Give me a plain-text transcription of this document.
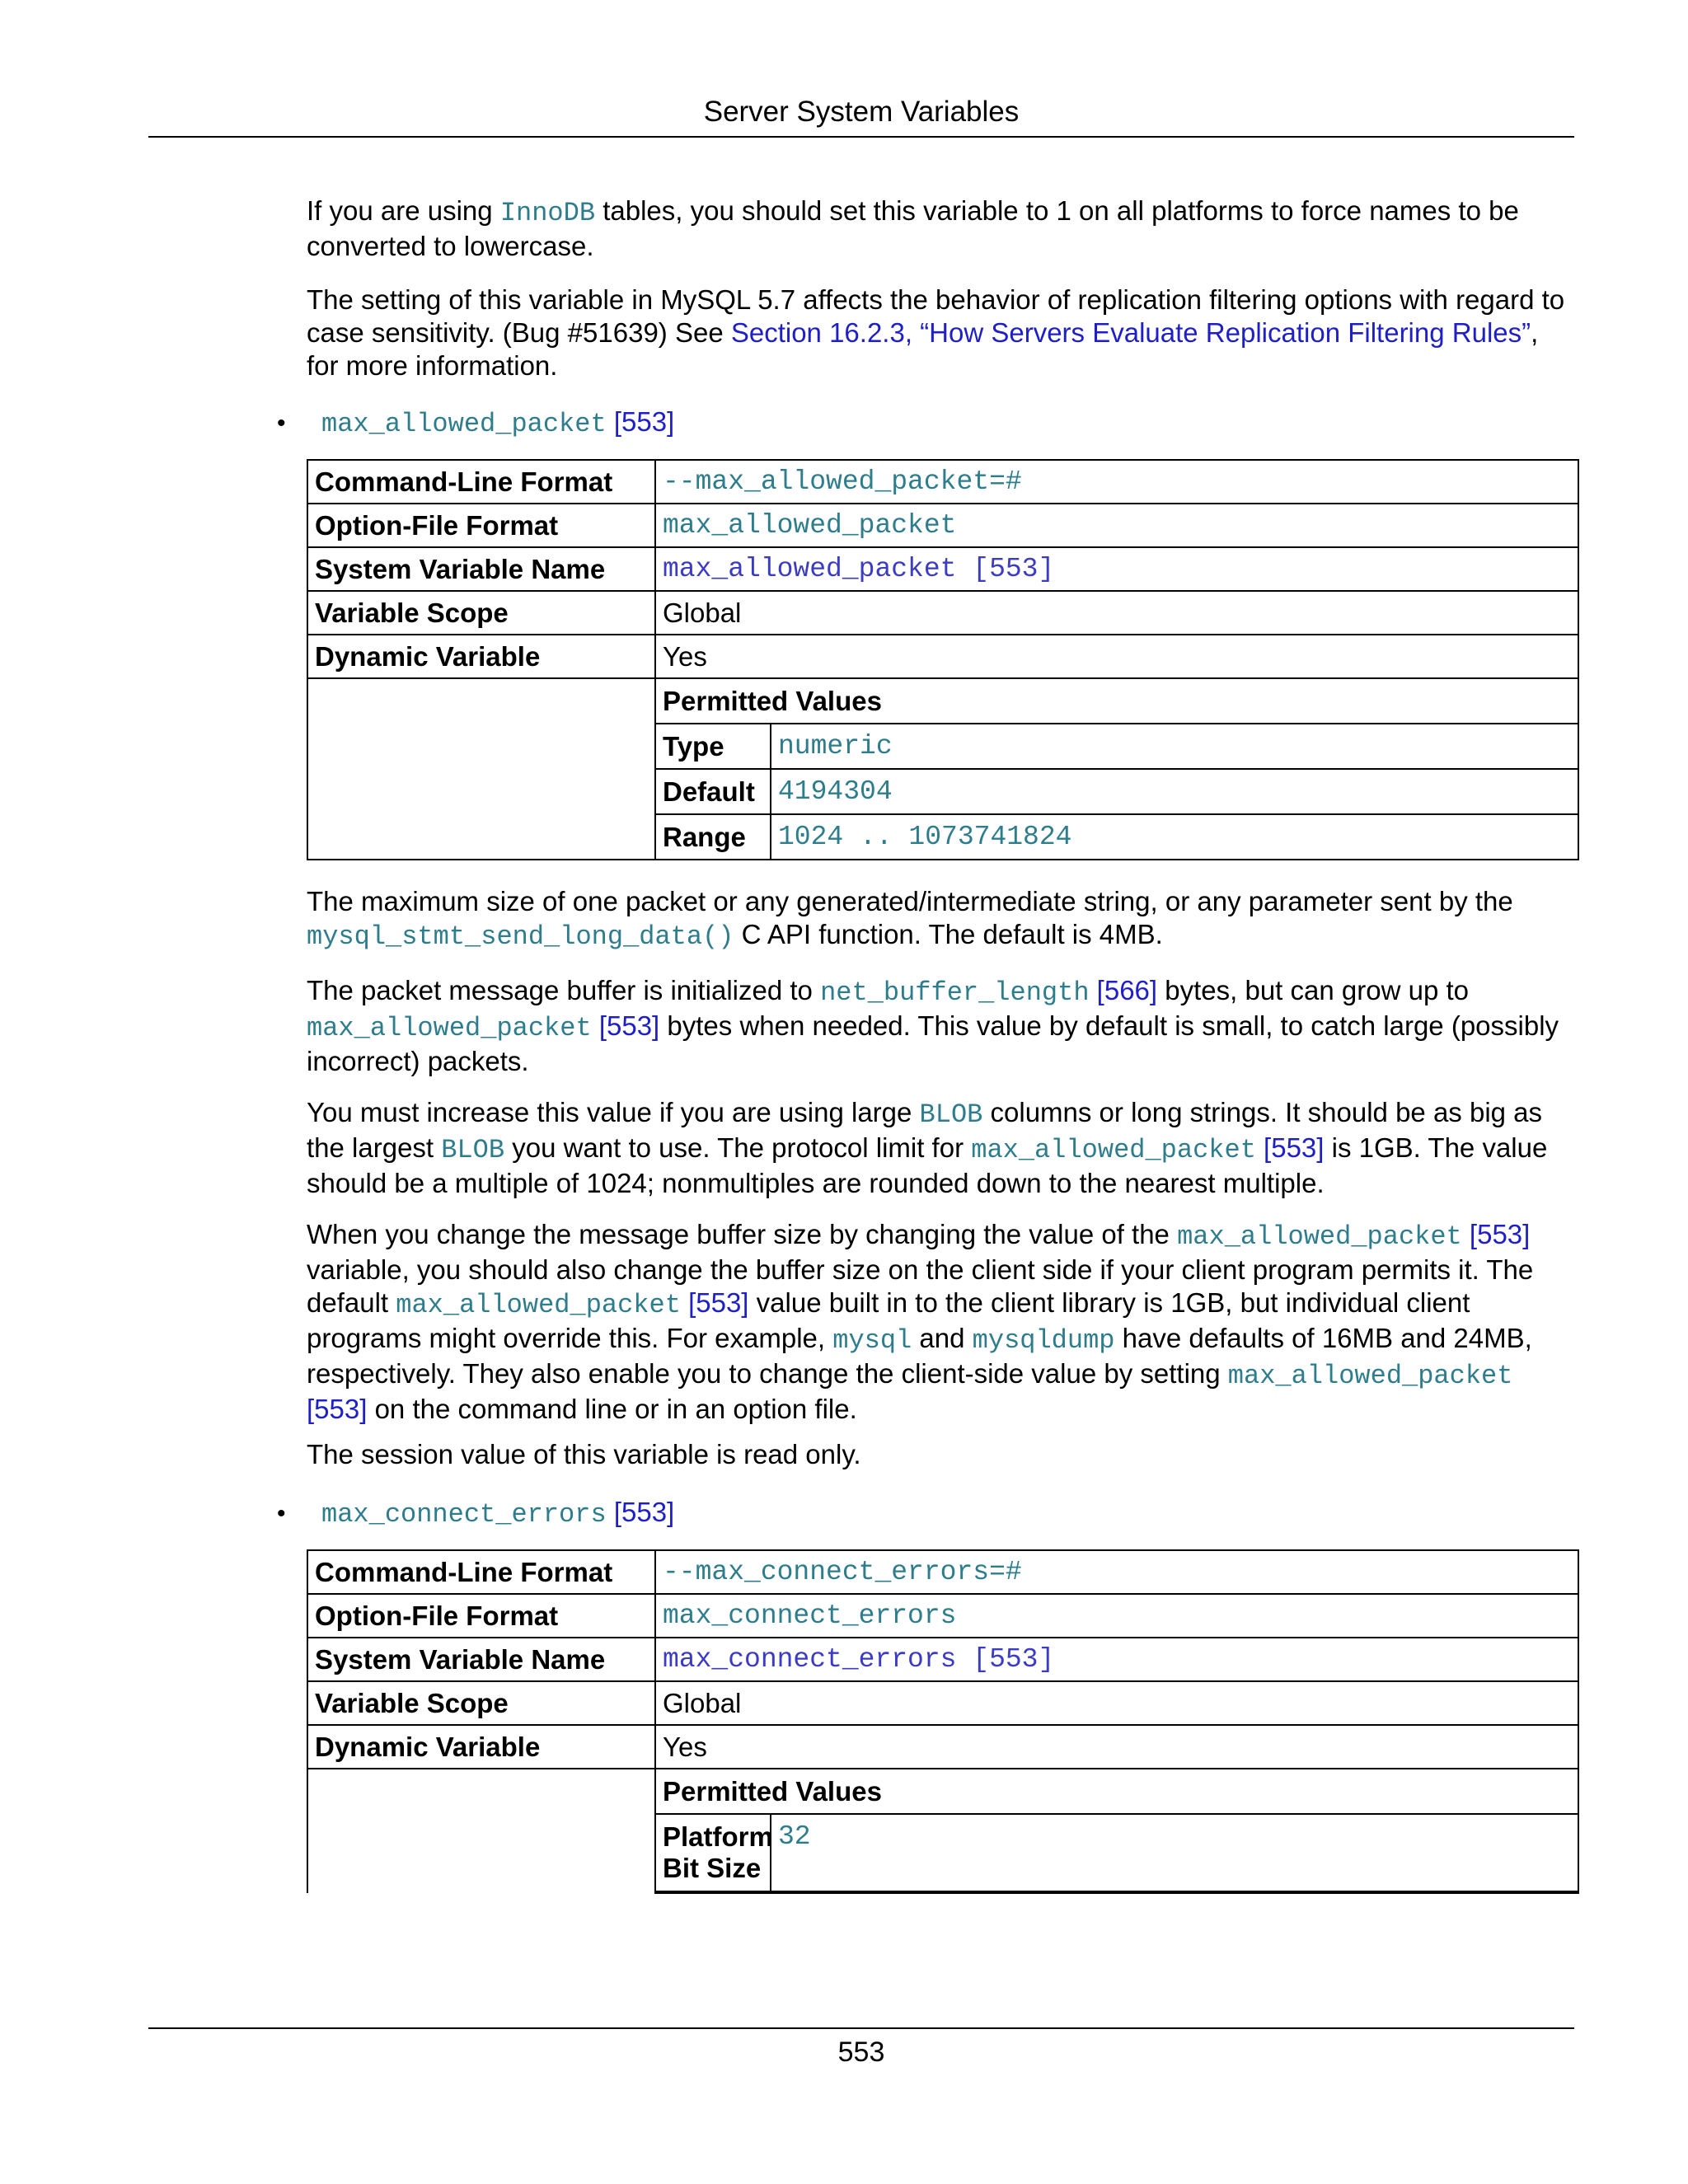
Server System Variables

If you are using InnoDB tables, you should set this variable to 1 on all platforms to force names to be converted to lowercase.

The setting of this variable in MySQL 5.7 affects the behavior of replication filtering options with regard to case sensitivity. (Bug #51639) See Section 16.2.3, “How Servers Evaluate Replication Filtering Rules”, for more information.

• max_allowed_packet [553]
Command-Line Format	--max_allowed_packet=#
Option-File Format	max_allowed_packet
System Variable Name	max_allowed_packet [553]
Variable Scope	Global
Dynamic Variable	Yes

Permitted Values
Type	numeric
Default	4194304
Range	1024 .. 1073741824

The maximum size of one packet or any generated/intermediate string, or any parameter sent by the mysql_stmt_send_long_data() C API function. The default is 4MB.

The packet message buffer is initialized to net_buffer_length [566] bytes, but can grow up to max_allowed_packet [553] bytes when needed. This value by default is small, to catch large (possibly incorrect) packets.

You must increase this value if you are using large BLOB columns or long strings. It should be as big as the largest BLOB you want to use. The protocol limit for max_allowed_packet [553] is 1GB. The value should be a multiple of 1024; nonmultiples are rounded down to the nearest multiple.

When you change the message buffer size by changing the value of the max_allowed_packet [553] variable, you should also change the buffer size on the client side if your client program permits it. The default max_allowed_packet [553] value built in to the client library is 1GB, but individual client programs might override this. For example, mysql and mysqldump have defaults of 16MB and 24MB, respectively. They also enable you to change the client-side value by setting max_allowed_packet [553] on the command line or in an option file.

The session value of this variable is read only.

• max_connect_errors [553]
Command-Line Format	--max_connect_errors=#
Option-File Format	max_connect_errors
System Variable Name	max_connect_errors [553]
Variable Scope	Global
Dynamic Variable	Yes

Permitted Values
Platform
Bit Size	32
553
